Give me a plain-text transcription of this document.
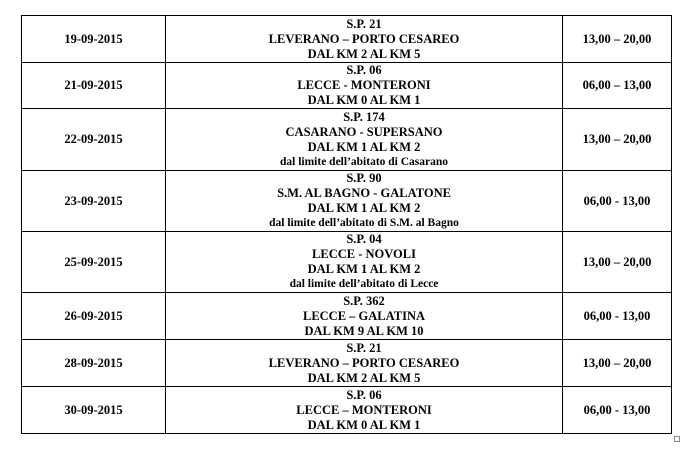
19-09-2015	S.P. 21
LEVERANO – PORTO CESAREO
DAL KM 2 AL KM 5	13,00 – 20,00
21-09-2015	S.P. 06
LECCE - MONTERONI
DAL KM 0 AL KM 1	06,00 – 13,00
22-09-2015	S.P. 174
CASARANO - SUPERSANO
DAL KM 1 AL KM 2
dal limite dell’abitato di Casarano	13,00 – 20,00
23-09-2015	S.P. 90
S.M. AL BAGNO - GALATONE
DAL KM 1 AL KM 2
dal limite dell’abitato di S.M. al Bagno	06,00 - 13,00
25-09-2015	S.P. 04
LECCE - NOVOLI
DAL KM 1 AL KM 2
dal limite dell’abitato di Lecce	13,00 – 20,00
26-09-2015	S.P. 362
LECCE – GALATINA
DAL KM 9 AL KM 10	06,00 - 13,00
28-09-2015	S.P. 21
LEVERANO – PORTO CESAREO
DAL KM 2 AL KM 5	13,00 – 20,00
30-09-2015	S.P. 06
LECCE – MONTERONI
DAL KM 0 AL KM 1	06,00 - 13,00
